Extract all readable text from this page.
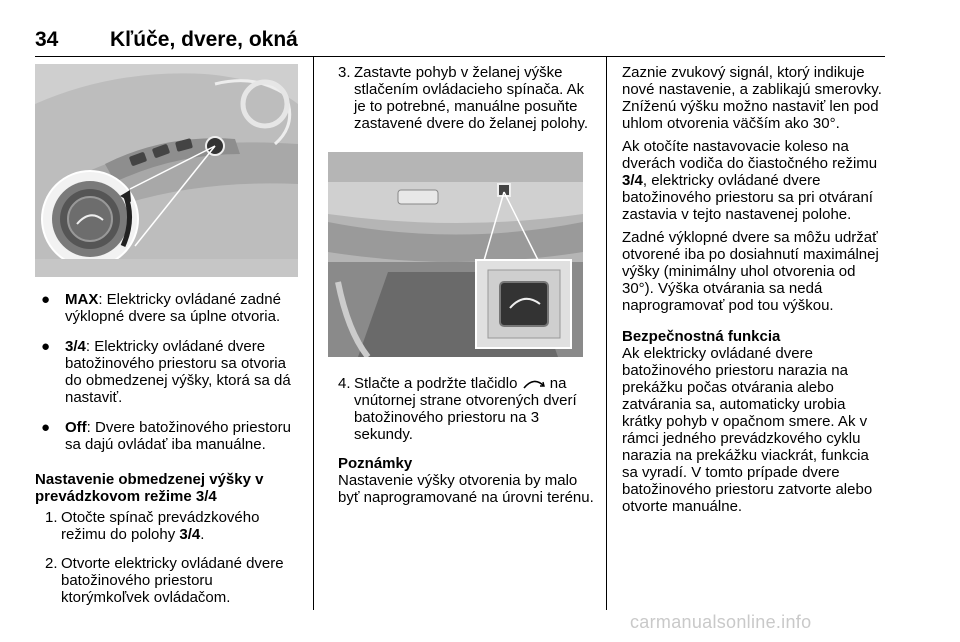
34 Kľúče, dvere, okná
● MAX: Elektricky ovládané zadné výklopné dvere sa úplne otvoria.
● 3/4: Elektricky ovládané dvere batožinového priestoru sa otvoria do obmedzenej výšky, ktorá sa dá nastaviť.
● Off: Dvere batožinového priestoru sa dajú ovládať iba manuálne.

Nastavenie obmedzenej výšky v prevádzkovom režime 3/4

1. Otočte spínač prevádzkového režimu do polohy 3/4.
2. Otvorte elektricky ovládané dvere batožinového priestoru ktorýmkoľvek ovládačom.
3. Zastavte pohyb v želanej výške stlačením ovládacieho spínača. Ak je to potrebné, manuálne posuňte zastavené dvere do želanej polohy.
4. Stlačte a podržte tlačidlo  na vnútornej strane otvorených dverí batožinového priestoru na 3 sekundy.

Poznámky

Nastavenie výšky otvorenia by malo byť naprogramované na úrovni terénu.

Zaznie zvukový signál, ktorý indikuje nové nastavenie, a zablikajú smerovky. Zníženú výšku možno nastaviť len pod uhlom otvorenia väčším ako 30°.

Ak otočíte nastavovacie koleso na dverách vodiča do čiastočného režimu 3/4, elektricky ovládané dvere batožinového priestoru sa pri otváraní zastavia v tejto nastavenej polohe.

Zadné výklopné dvere sa môžu udržať otvorené iba po dosiahnutí maximálnej výšky (minimálny uhol otvorenia od 30°). Výška otvárania sa nedá naprogramovať pod tou výškou.

Bezpečnostná funkcia

Ak elektricky ovládané dvere batožinového priestoru narazia na prekážku počas otvárania alebo zatvárania sa, automaticky urobia krátky pohyb v opačnom smere. Ak v rámci jedného prevádzkového cyklu narazia na prekážku viackrát, funkcia sa vyradí. V tomto prípade dvere batožinového priestoru zatvorte alebo otvorte manuálne.

carmanualsonline.info
